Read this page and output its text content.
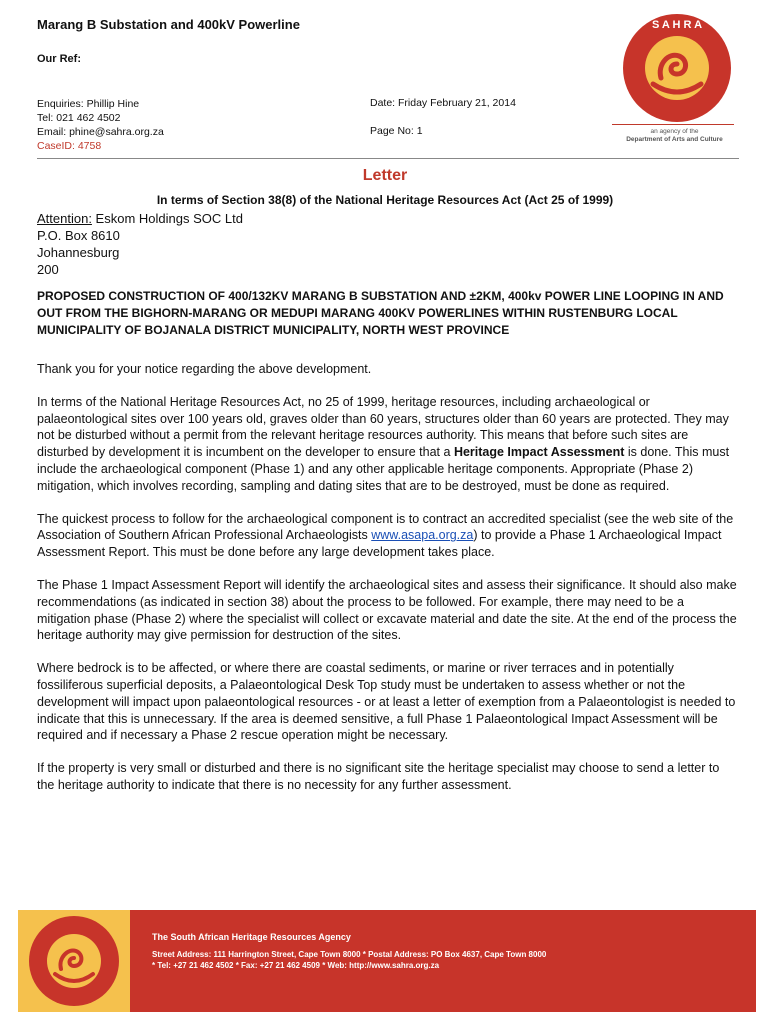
Marang B Substation and 400kV Powerline
Our Ref:
Enquiries: Phillip Hine
Tel: 021 462 4502
Email: phine@sahra.org.za
CaseID: 4758
Date: Friday February 21, 2014
Page No: 1
S A H R A
an agency of the
Department of Arts and Culture
Letter
In terms of Section 38(8) of the National Heritage Resources Act (Act 25 of 1999)
Attention: Eskom Holdings SOC Ltd
P.O. Box 8610
Johannesburg
200
PROPOSED CONSTRUCTION OF 400/132KV MARANG B SUBSTATION AND ±2KM, 400kv POWER LINE LOOPING IN AND OUT FROM THE BIGHORN-MARANG OR MEDUPI MARANG 400KV POWERLINES WITHIN RUSTENBURG LOCAL MUNICIPALITY OF BOJANALA DISTRICT MUNICIPALITY, NORTH WEST PROVINCE

Thank you for your notice regarding the above development.

In terms of the National Heritage Resources Act, no 25 of 1999, heritage resources, including archaeological or palaeontological sites over 100 years old, graves older than 60 years, structures older than 60 years are protected. They may not be disturbed without a permit from the relevant heritage resources authority. This means that before such sites are disturbed by development it is incumbent on the developer to ensure that a Heritage Impact Assessment is done. This must include the archaeological component (Phase 1) and any other applicable heritage components. Appropriate (Phase 2) mitigation, which involves recording, sampling and dating sites that are to be destroyed, must be done as required.

The quickest process to follow for the archaeological component is to contract an accredited specialist (see the web site of the Association of Southern African Professional Archaeologists www.asapa.org.za) to provide a Phase 1 Archaeological Impact Assessment Report. This must be done before any large development takes place.

The Phase 1 Impact Assessment Report will identify the archaeological sites and assess their significance. It should also make recommendations (as indicated in section 38) about the process to be followed. For example, there may need to be a mitigation phase (Phase 2) where the specialist will collect or excavate material and date the site. At the end of the process the heritage authority may give permission for destruction of the sites.

Where bedrock is to be affected, or where there are coastal sediments, or marine or river terraces and in potentially fossiliferous superficial deposits, a Palaeontological Desk Top study must be undertaken to assess whether or not the development will impact upon palaeontological resources - or at least a letter of exemption from a Palaeontologist is needed to indicate that this is unnecessary. If the area is deemed sensitive, a full Phase 1 Palaeontological Impact Assessment will be required and if necessary a Phase 2 rescue operation might be necessary.

If the property is very small or disturbed and there is no significant site the heritage specialist may choose to send a letter to the heritage authority to indicate that there is no necessity for any further assessment.

The South African Heritage Resources Agency
Street Address: 111 Harrington Street, Cape Town 8000 * Postal Address: PO Box 4637, Cape Town 8000
* Tel: +27 21 462 4502 * Fax: +27 21 462 4509 * Web: http://www.sahra.org.za
